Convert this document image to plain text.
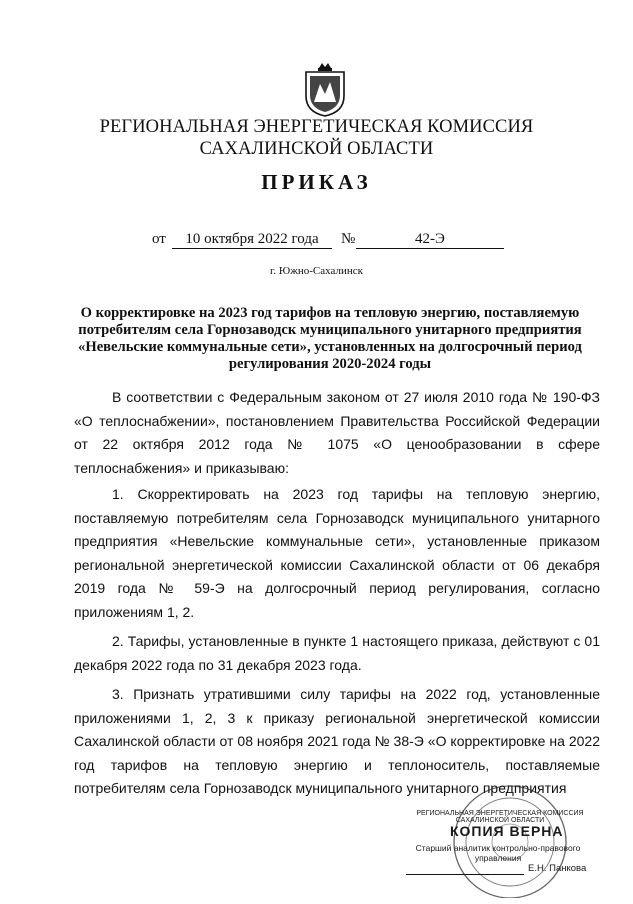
РЕГИОНАЛЬНАЯ ЭНЕРГЕТИЧЕСКАЯ КОМИССИЯ
САХАЛИНСКОЙ ОБЛАСТИ
ПРИКАЗ
от	10 октября 2022 года	№	42-Э
г. Южно-Сахалинск
О корректировке на 2023 год тарифов на тепловую энергию, поставляемую потребителям села Горнозаводск муниципального унитарного предприятия «Невельские коммунальные сети», установленных на долгосрочный период регулирования 2020-2024 годы

В соответствии с Федеральным законом от 27 июля 2010 года № 190-ФЗ «О теплоснабжении», постановлением Правительства Российской Федерации от 22 октября 2012 года № 1075 «О ценообразовании в сфере теплоснабжения» и приказываю:

1. Скорректировать на 2023 год тарифы на тепловую энергию, поставляемую потребителям села Горнозаводск муниципального унитарного предприятия «Невельские коммунальные сети», установленные приказом региональной энергетической комиссии Сахалинской области от 06 декабря 2019 года № 59-Э на долгосрочный период регулирования, согласно приложениям 1, 2.

2. Тарифы, установленные в пункте 1 настоящего приказа, действуют с 01 декабря 2022 года по 31 декабря 2023 года.

3. Признать утратившими силу тарифы на 2022 год, установленные приложениями 1, 2, 3 к приказу региональной энергетической комиссии Сахалинской области от 08 ноября 2021 года № 38-Э «О корректировке на 2022 год тарифов на тепловую энергию и теплоноситель, поставляемые потребителям села Горнозаводск муниципального унитарного предприятия

РЕГИОНАЛЬНАЯ ЭНЕРГЕТИЧЕСКАЯ КОМИССИЯ САХАЛИНСКОЙ ОБЛАСТИ
КОПИЯ ВЕРНА
Старший аналитик контрольно-правового управления
Е.Н. Панкова
